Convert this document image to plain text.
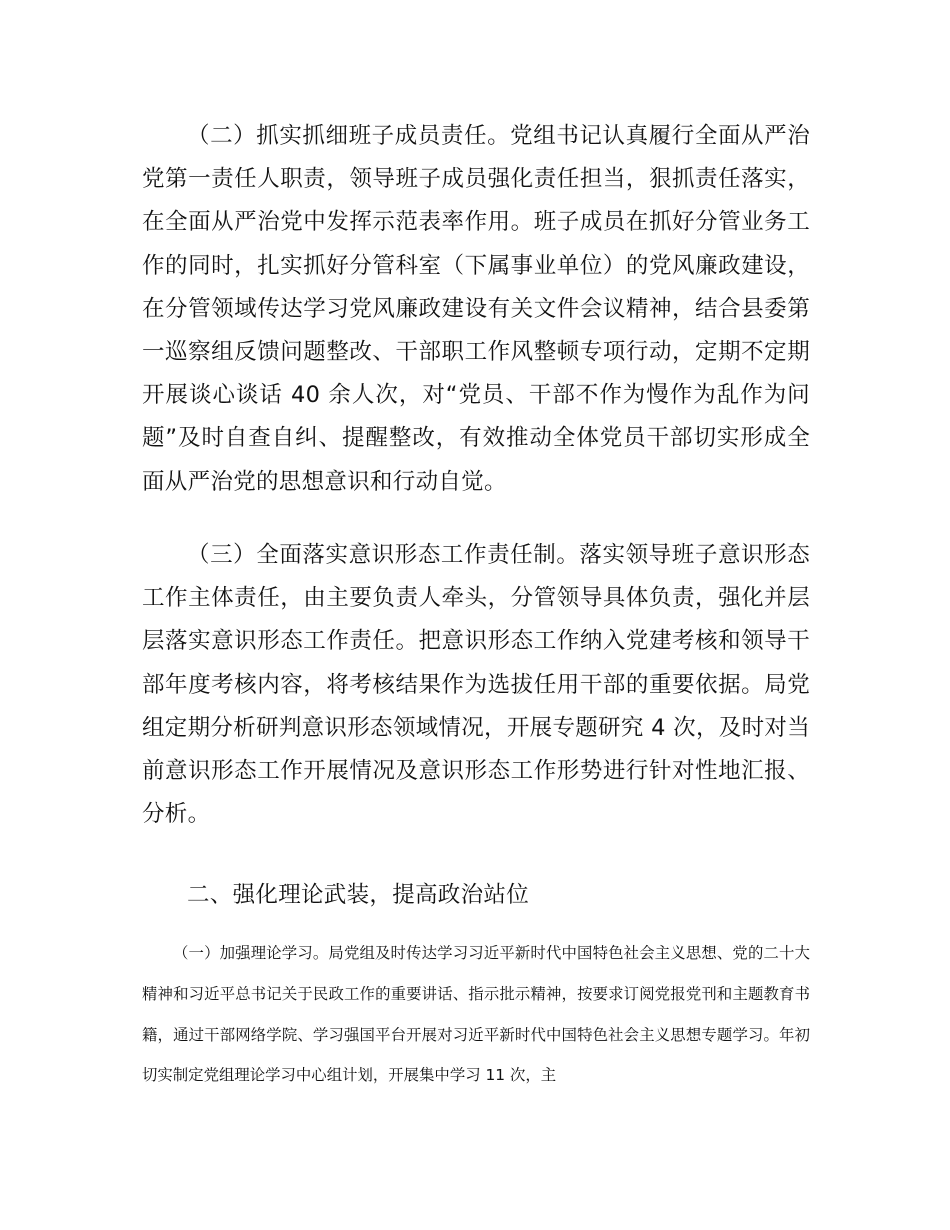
（二）抓实抓细班子成员责任。党组书记认真履行全面从严治党第一责任人职责，领导班子成员强化责任担当，狠抓责任落实，在全面从严治党中发挥示范表率作用。班子成员在抓好分管业务工作的同时，扎实抓好分管科室（下属事业单位）的党风廉政建设，在分管领域传达学习党风廉政建设有关文件会议精神，结合县委第一巡察组反馈问题整改、干部职工作风整顿专项行动，定期不定期开展谈心谈话 40 余人次，对“党员、干部不作为慢作为乱作为问题”及时自查自纠、提醒整改，有效推动全体党员干部切实形成全面从严治党的思想意识和行动自觉。

（三）全面落实意识形态工作责任制。落实领导班子意识形态工作主体责任，由主要负责人牵头，分管领导具体负责，强化并层层落实意识形态工作责任。把意识形态工作纳入党建考核和领导干部年度考核内容，将考核结果作为选拔任用干部的重要依据。局党组定期分析研判意识形态领域情况，开展专题研究 4 次，及时对当前意识形态工作开展情况及意识形态工作形势进行针对性地汇报、分析。

二、强化理论武装，提高政治站位

（一）加强理论学习。局党组及时传达学习习近平新时代中国特色社会主义思想、党的二十大精神和习近平总书记关于民政工作的重要讲话、指示批示精神，按要求订阅党报党刊和主题教育书籍，通过干部网络学院、学习强国平台开展对习近平新时代中国特色社会主义思想专题学习。年初切实制定党组理论学习中心组计划，开展集中学习 11 次，主
